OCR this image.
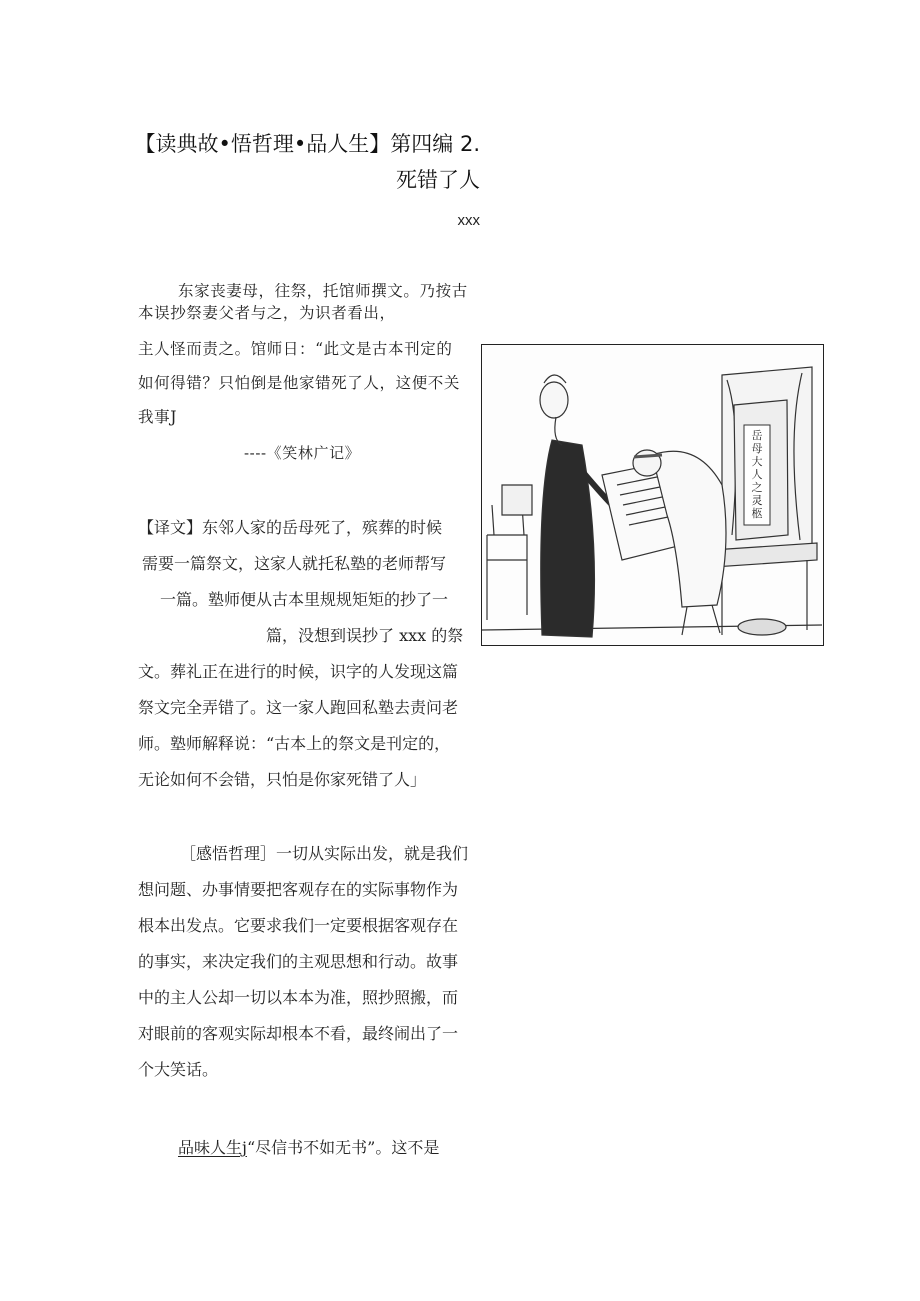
【读典故•悟哲理•品人生】第四编 2.
死错了人
xxx
东家丧妻母，往祭，托馆师撰文。乃按古
本误抄祭妻父者与之，为识者看出，
主人怪而责之。馆师日：“此文是古本刊定的
如何得错？只怕倒是他家错死了人，这便不关
我事J
----《笑林广记》
【译文】东邻人家的岳母死了，殡葬的时候
需要一篇祭文，这家人就托私塾的老师帮写
一篇。塾师便从古本里规规矩矩的抄了一
篇，没想到误抄了 xxx 的祭
文。葬礼正在进行的时候，识字的人发现这篇
祭文完全弄错了。这一家人跑回私塾去责问老
师。塾师解释说：“古本上的祭文是刊定的，
无论如何不会错，只怕是你家死错了人」
［感悟哲理］一切从实际出发，就是我们
想问题、办事情要把客观存在的实际事物作为
根本出发点。它要求我们一定要根据客观存在
的事实，来决定我们的主观思想和行动。故事
中的主人公却一切以本本为准，照抄照搬，而
对眼前的客观实际却根本不看，最终闹出了一
个大笑话。
品味人生j“尽信书不如无书”。这不是
岳母大人之灵柩
